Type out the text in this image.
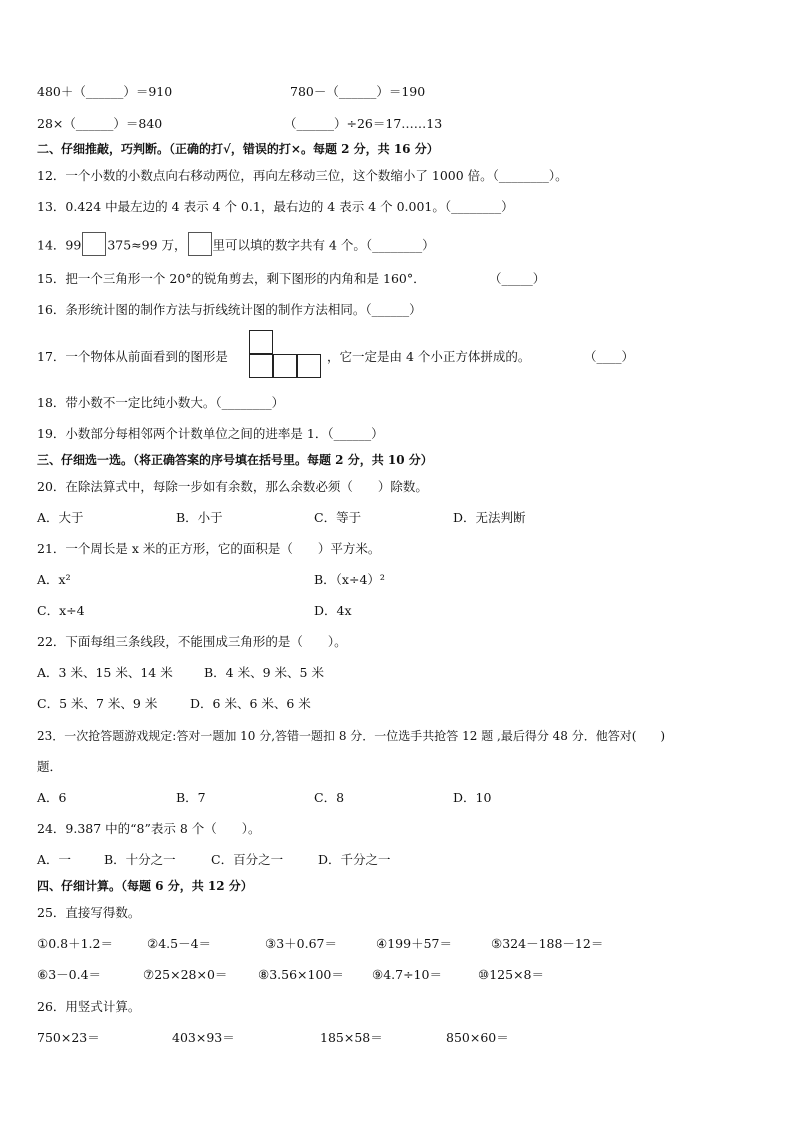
480＋（______）＝910	780－（______）＝190
28×（______）＝840	（______）÷26＝17……13
二、仔细推敲，巧判断。（正确的打√，错误的打×。每题 2 分，共 16 分）
12．一个小数的小数点向右移动两位，再向左移动三位，这个数缩小了 1000 倍。（________）。
13．0.424 中最左边的 4 表示 4 个 0.1，最右边的 4 表示 4 个 0.001。（________）
14．99 375≈99 万， 里可以填的数字共有 4 个。（________）
15．把一个三角形一个 20°的锐角剪去，剩下图形的内角和是 160°．	（_____）
16．条形统计图的制作方法与折线统计图的制作方法相同。（______）
17．一个物体从前面看到的图形是	，它一定是由 4 个小正方体拼成的。	（____）
18．带小数不一定比纯小数大。（________）
19．小数部分每相邻两个计数单位之间的进率是 1．（______）
三、仔细选一选。（将正确答案的序号填在括号里。每题 2 分，共 10 分）
20．在除法算式中，每除一步如有余数，那么余数必须（　　）除数。
A．大于	B．小于	C．等于	D．无法判断
21．一个周长是 x 米的正方形，它的面积是（　　）平方米。
A．x²	B．（x÷4）²
C．x÷4	D．4x
22．下面每组三条线段，不能围成三角形的是（　　）。
A．3 米、15 米、14 米	B．4 米、9 米、5 米
C．5 米、7 米、9 米	D．6 米、6 米、6 米
23．一次抢答题游戏规定:答对一题加 10 分,答错一题扣 8 分．一位选手共抢答 12 题 ,最后得分 48 分．他答对(　　)
题．
A．6	B．7	C．8	D．10
24．9.387 中的“8”表示 8 个（　　）。
A．一	B．十分之一	C．百分之一	D．千分之一
四、仔细计算。（每题 6 分，共 12 分）
25．直接写得数。
①0.8＋1.2＝	②4.5－4＝	③3＋0.67＝	④199＋57＝	⑤324－188－12＝
⑥3－0.4＝	⑦25×28×0＝ ⑧3.56×100＝ ⑨4.7÷10＝	⑩125×8＝
26．用竖式计算。
750×23＝	403×93＝	185×58＝	850×60＝
